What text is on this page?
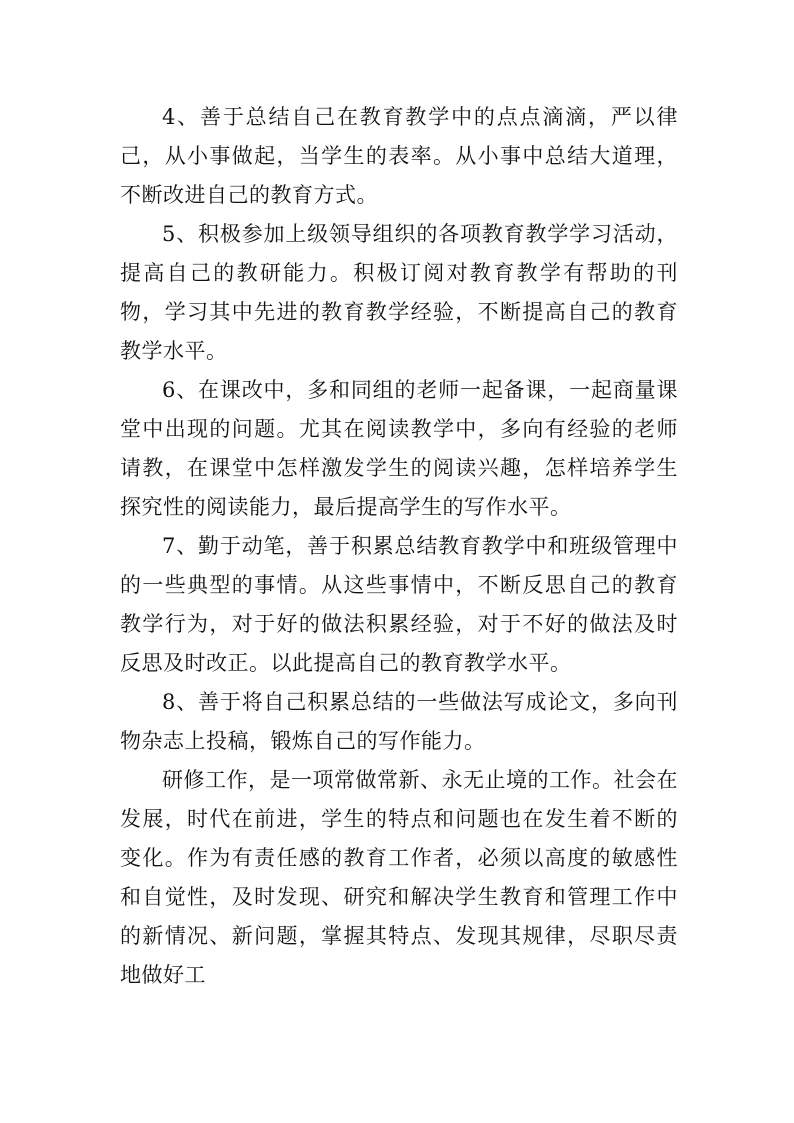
4、善于总结自己在教育教学中的点点滴滴，严以律己，从小事做起，当学生的表率。从小事中总结大道理，不断改进自己的教育方式。

5、积极参加上级领导组织的各项教育教学学习活动，提高自己的教研能力。积极订阅对教育教学有帮助的刊物，学习其中先进的教育教学经验，不断提高自己的教育教学水平。

6、在课改中，多和同组的老师一起备课，一起商量课堂中出现的问题。尤其在阅读教学中，多向有经验的老师请教，在课堂中怎样激发学生的阅读兴趣，怎样培养学生探究性的阅读能力，最后提高学生的写作水平。

7、勤于动笔，善于积累总结教育教学中和班级管理中的一些典型的事情。从这些事情中，不断反思自己的教育教学行为，对于好的做法积累经验，对于不好的做法及时反思及时改正。以此提高自己的教育教学水平。

8、善于将自己积累总结的一些做法写成论文，多向刊物杂志上投稿，锻炼自己的写作能力。

研修工作，是一项常做常新、永无止境的工作。社会在发展，时代在前进，学生的特点和问题也在发生着不断的变化。作为有责任感的教育工作者，必须以高度的敏感性和自觉性，及时发现、研究和解决学生教育和管理工作中的新情况、新问题，掌握其特点、发现其规律，尽职尽责地做好工
